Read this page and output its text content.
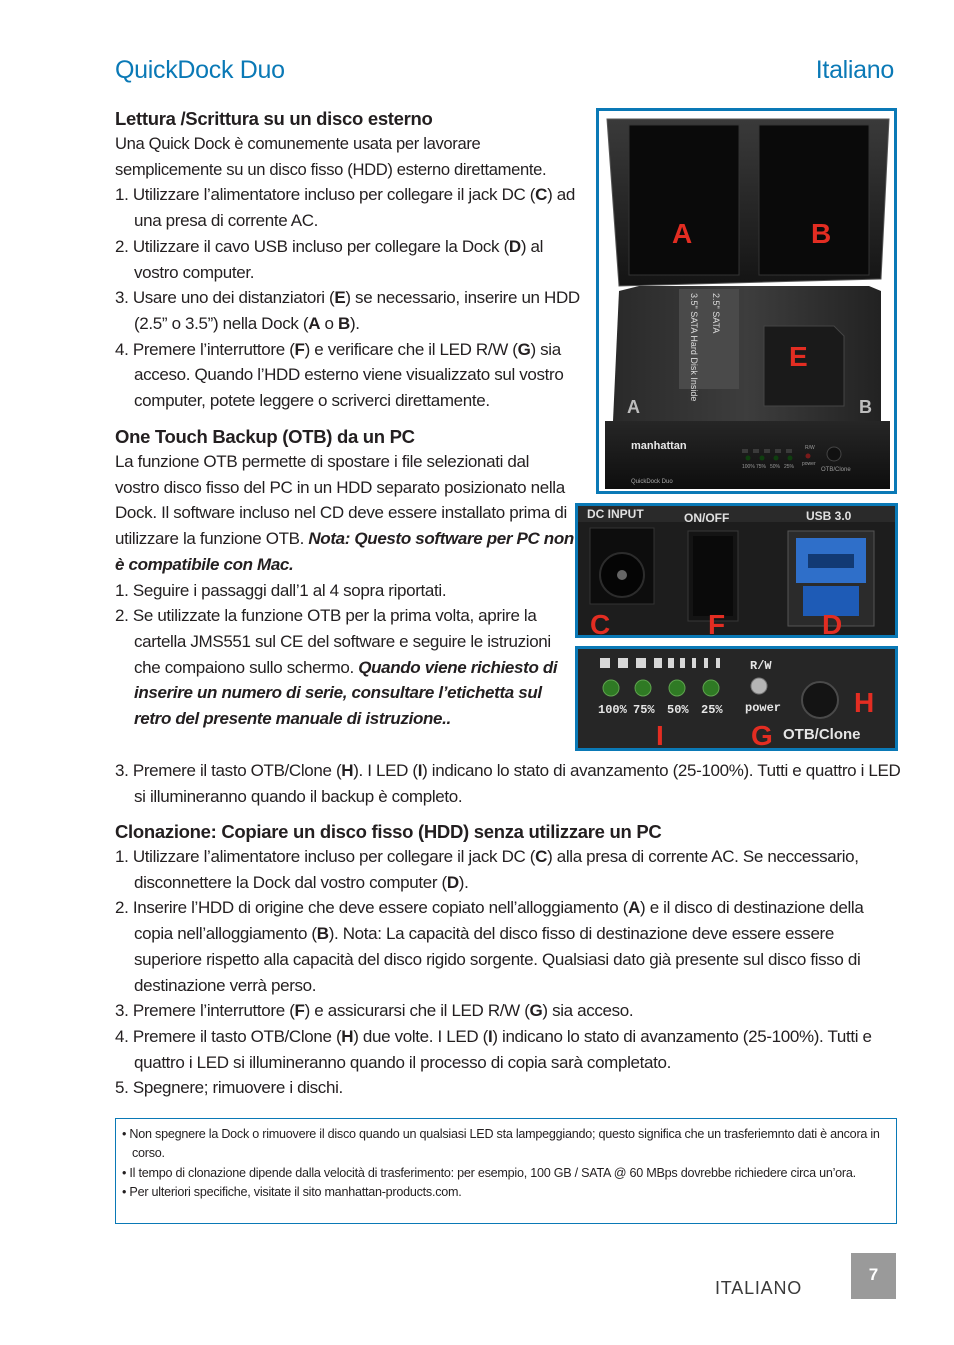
QuickDock Duo	Italiano
Lettura /Scrittura su un disco esterno
Una Quick Dock è comunemente usata per lavorare semplicemente su un disco fisso (HDD) esterno direttamente.
1. Utilizzare l’alimentatore incluso per collegare il jack DC (C) ad una presa di corrente AC.
2. Utilizzare il cavo USB incluso per collegare la Dock (D) al vostro computer.
3. Usare uno dei distanziatori (E) se necessario, inserire un HDD (2.5” o 3.5”) nella Dock (A o B).
4. Premere l’interruttore (F) e verificare che il LED R/W (G) sia acceso. Quando l’HDD esterno viene visualizzato sul vostro computer, potete leggere o scriverci direttamente.
One Touch Backup (OTB) da un PC
La funzione OTB permette di spostare i file selezionati dal vostro disco fisso del PC in un HDD separato posizionato nella Dock. Il software incluso nel CD deve essere installato prima di utilizzare la funzione OTB. Nota: Questo software per PC non è compatibile con Mac.
1. Seguire i passaggi dall’1 al 4 sopra riportati.
2. Se utilizzate la funzione OTB per la prima volta, aprire la cartella JMS551 sul CE del software e seguire le istruzioni che compaiono sullo schermo. Quando viene richiesto di inserire un numero di serie, consultare l’etichetta sul retro del presente manuale di istruzione..
3. Premere il tasto OTB/Clone (H). I LED (I) indicano lo stato di avanzamento (25-100%). Tutti e quattro i LED si illumineranno quando il backup è completo.
Clonazione: Copiare un disco fisso (HDD) senza utilizzare un PC
1. Utilizzare l’alimentatore incluso per collegare il jack DC (C) alla presa di corrente AC. Se neccessario, disconnettere la Dock dal vostro computer (D).
2. Inserire l’HDD di origine che deve essere copiato nell’alloggiamento (A) e il disco di destinazione della copia nell’alloggiamento (B). Nota: La capacità del disco fisso di destinazione deve essere essere superiore rispetto alla capacità del disco rigido sorgente. Qualsiasi dato già presente sul disco fisso di destinazione verrà perso.
3. Premere l’interruttore (F) e assicurarsi che il LED R/W (G) sia acceso.
4. Premere il tasto OTB/Clone (H) due volte. I LED (I) indicano lo stato di avanzamento (25-100%). Tutti e quattro i LED si illumineranno quando il processo di copia sarà completato.
5. Spegnere; rimuovere i dischi.
• Non spegnere la Dock o rimuovere il disco quando un qualsiasi LED sta lampeggiando; questo significa che un trasferiemnto dati è ancora in corso.
• Il tempo di clonazione dipende dalla velocità di trasferimento: per esempio, 100 GB / SATA @ 60 MBps dovrebbe richiedere circa un’ora.
• Per ulteriori specifiche, visitate il sito manhattan-products.com.
ITALIANO
7
3.5" SATA Hard Disk Inside 2.5" SATA
A	B
manhattan
QuickDock Duo
100% 75% 50% 25%
R/W
power
OTB/Clone
A	B
E
DC INPUT	ON/OFF	USB 3.0
C	F	D
100% 75% 50% 25%
R/W
power
OTB/Clone
H
I	G
